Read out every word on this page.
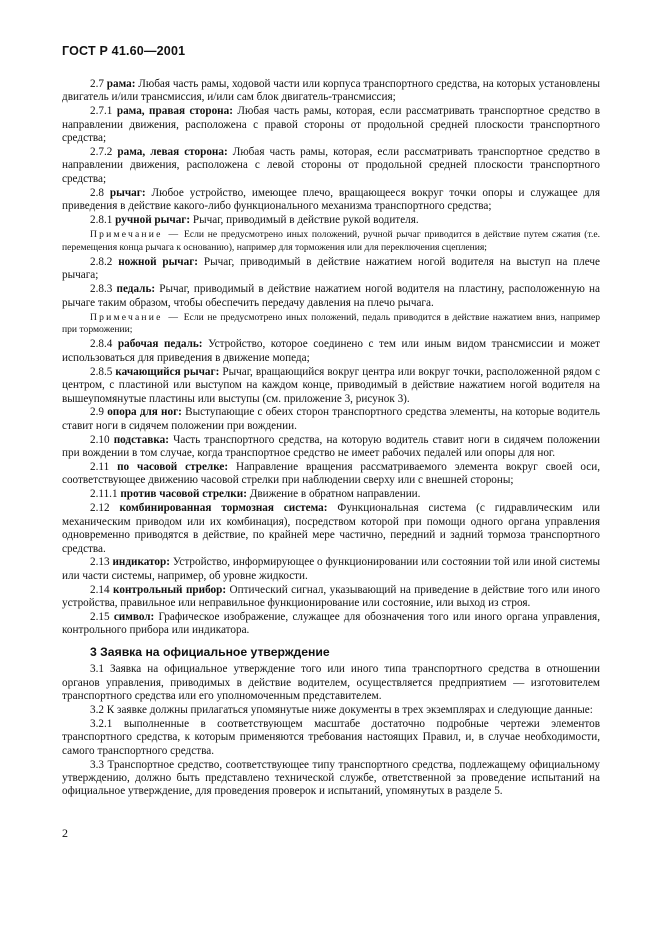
ГОСТ Р 41.60—2001

2.7 рама: Любая часть рамы, ходовой части или корпуса транспортного средства, на которых установлены двигатель и/или трансмиссия, и/или сам блок двигатель-трансмиссия;

2.7.1 рама, правая сторона: Любая часть рамы, которая, если рассматривать транспортное средство в направлении движения, расположена с правой стороны от продольной средней плоскости транспортного средства;

2.7.2 рама, левая сторона: Любая часть рамы, которая, если рассматривать транспортное средство в направлении движения, расположена с левой стороны от продольной средней плоскости транспортного средства;

2.8 рычаг: Любое устройство, имеющее плечо, вращающееся вокруг точки опоры и служащее для приведения в действие какого-либо функционального механизма транспортного средства;

2.8.1 ручной рычаг: Рычаг, приводимый в действие рукой водителя.

Примечание — Если не предусмотрено иных положений, ручной рычаг приводится в действие путем сжатия (т.е. перемещения конца рычага к основанию), например для торможения или для переключения сцепления;

2.8.2 ножной рычаг: Рычаг, приводимый в действие нажатием ногой водителя на выступ на плече рычага;

2.8.3 педаль: Рычаг, приводимый в действие нажатием ногой водителя на пластину, расположенную на рычаге таким образом, чтобы обеспечить передачу давления на плечо рычага.

Примечание — Если не предусмотрено иных положений, педаль приводится в действие нажатием вниз, например при торможении;

2.8.4 рабочая педаль: Устройство, которое соединено с тем или иным видом трансмиссии и может использоваться для приведения в движение мопеда;

2.8.5 качающийся рычаг: Рычаг, вращающийся вокруг центра или вокруг точки, расположенной рядом с центром, с пластиной или выступом на каждом конце, приводимый в действие нажатием ногой водителя на вышеупомянутые пластины или выступы (см. приложение 3, рисунок 3).

2.9 опора для ног: Выступающие с обеих сторон транспортного средства элементы, на которые водитель ставит ноги в сидячем положении при вождении.

2.10 подставка: Часть транспортного средства, на которую водитель ставит ноги в сидячем положении при вождении в том случае, когда транспортное средство не имеет рабочих педалей или опоры для ног.

2.11 по часовой стрелке: Направление вращения рассматриваемого элемента вокруг своей оси, соответствующее движению часовой стрелки при наблюдении сверху или с внешней стороны;

2.11.1 против часовой стрелки: Движение в обратном направлении.

2.12 комбинированная тормозная система: Функциональная система (с гидравлическим или механическим приводом или их комбинация), посредством которой при помощи одного органа управления одновременно приводятся в действие, по крайней мере частично, передний и задний тормоза транспортного средства.

2.13 индикатор: Устройство, информирующее о функционировании или состоянии той или иной системы или части системы, например, об уровне жидкости.

2.14 контрольный прибор: Оптический сигнал, указывающий на приведение в действие того или иного устройства, правильное или неправильное функционирование или состояние, или выход из строя.

2.15 символ: Графическое изображение, служащее для обозначения того или иного органа управления, контрольного прибора или индикатора.

3 Заявка на официальное утверждение

3.1 Заявка на официальное утверждение того или иного типа транспортного средства в отношении органов управления, приводимых в действие водителем, осуществляется предприятием — изготовителем транспортного средства или его уполномоченным представителем.

3.2 К заявке должны прилагаться упомянутые ниже документы в трех экземплярах и следующие данные:

3.2.1 выполненные в соответствующем масштабе достаточно подробные чертежи элементов транспортного средства, к которым применяются требования настоящих Правил, и, в случае необходимости, самого транспортного средства.

3.3 Транспортное средство, соответствующее типу транспортного средства, подлежащему официальному утверждению, должно быть представлено технической службе, ответственной за проведение испытаний на официальное утверждение, для проведения проверок и испытаний, упомянутых в разделе 5.

2
